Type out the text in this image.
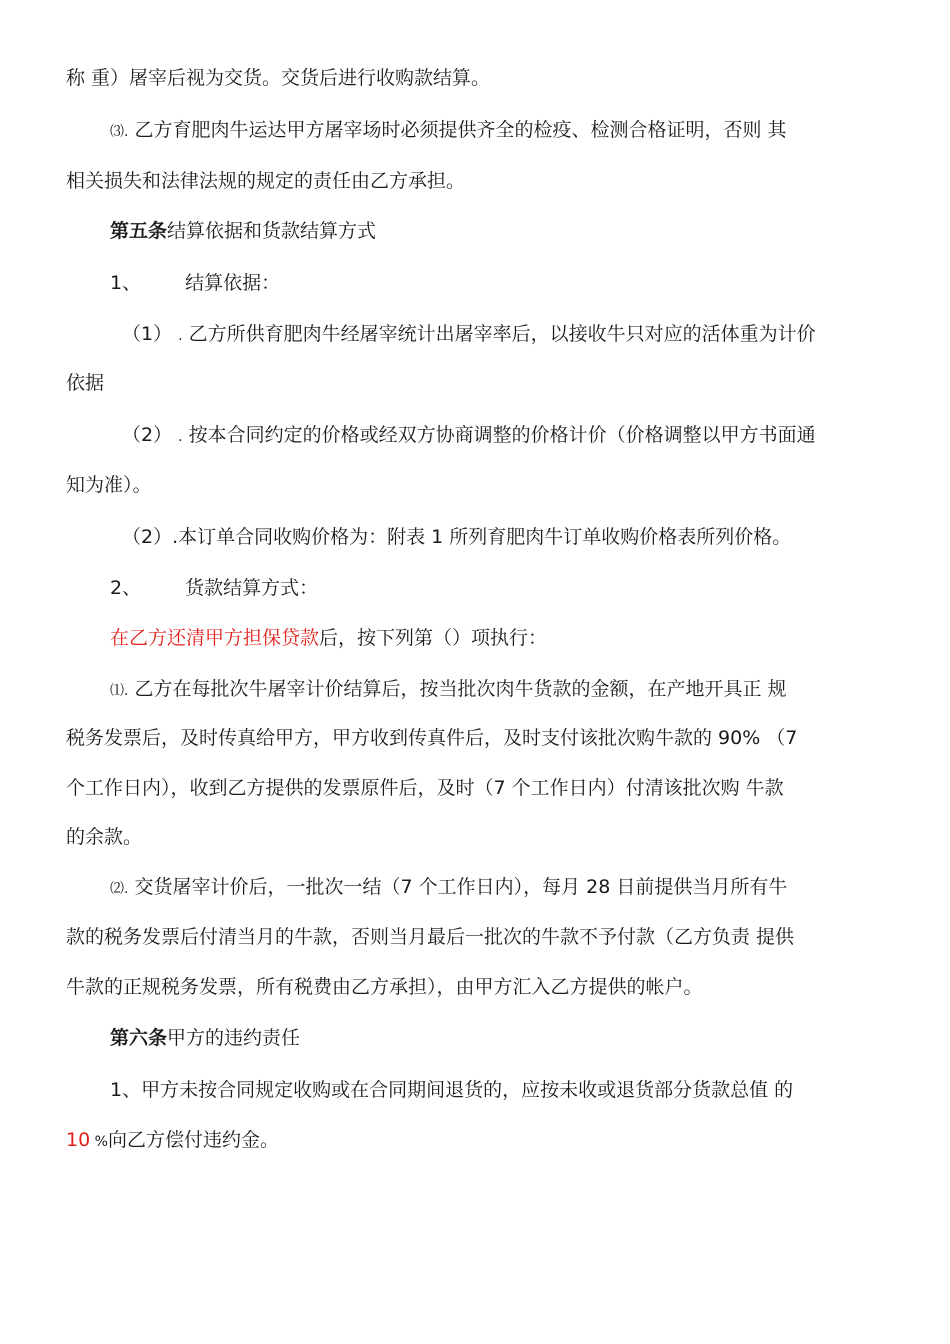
称 重）屠宰后视为交货。交货后进行收购款结算。
⑶. 乙方育肥肉牛运达甲方屠宰场时必须提供齐全的检疫、检测合格证明，否则 其
相关损失和法律法规的规定的责任由乙方承担。
第五条结算依据和货款结算方式
1、 结算依据：
（1） . 乙方所供育肥肉牛经屠宰统计出屠宰率后，以接收牛只对应的活体重为计价
依据
（2） . 按本合同约定的价格或经双方协商调整的价格计价（价格调整以甲方书面通
知为准）。
（2）.本订单合同收购价格为：附表 1 所列育肥肉牛订单收购价格表所列价格。
2、 货款结算方式：
在乙方还清甲方担保贷款后，按下列第（）项执行：
⑴. 乙方在每批次牛屠宰计价结算后，按当批次肉牛货款的金额，在产地开具正 规
税务发票后，及时传真给甲方，甲方收到传真件后，及时支付该批次购牛款的 90% （7
个工作日内），收到乙方提供的发票原件后，及时（7 个工作日内）付清该批次购 牛款
的余款。
⑵. 交货屠宰计价后，一批次一结（7 个工作日内），每月 28 日前提供当月所有牛
款的税务发票后付清当月的牛款，否则当月最后一批次的牛款不予付款（乙方负责 提供
牛款的正规税务发票，所有税费由乙方承担），由甲方汇入乙方提供的帐户。
第六条甲方的违约责任
1、甲方未按合同规定收购或在合同期间退货的，应按未收或退货部分货款总值 的
10 %向乙方偿付违约金。
